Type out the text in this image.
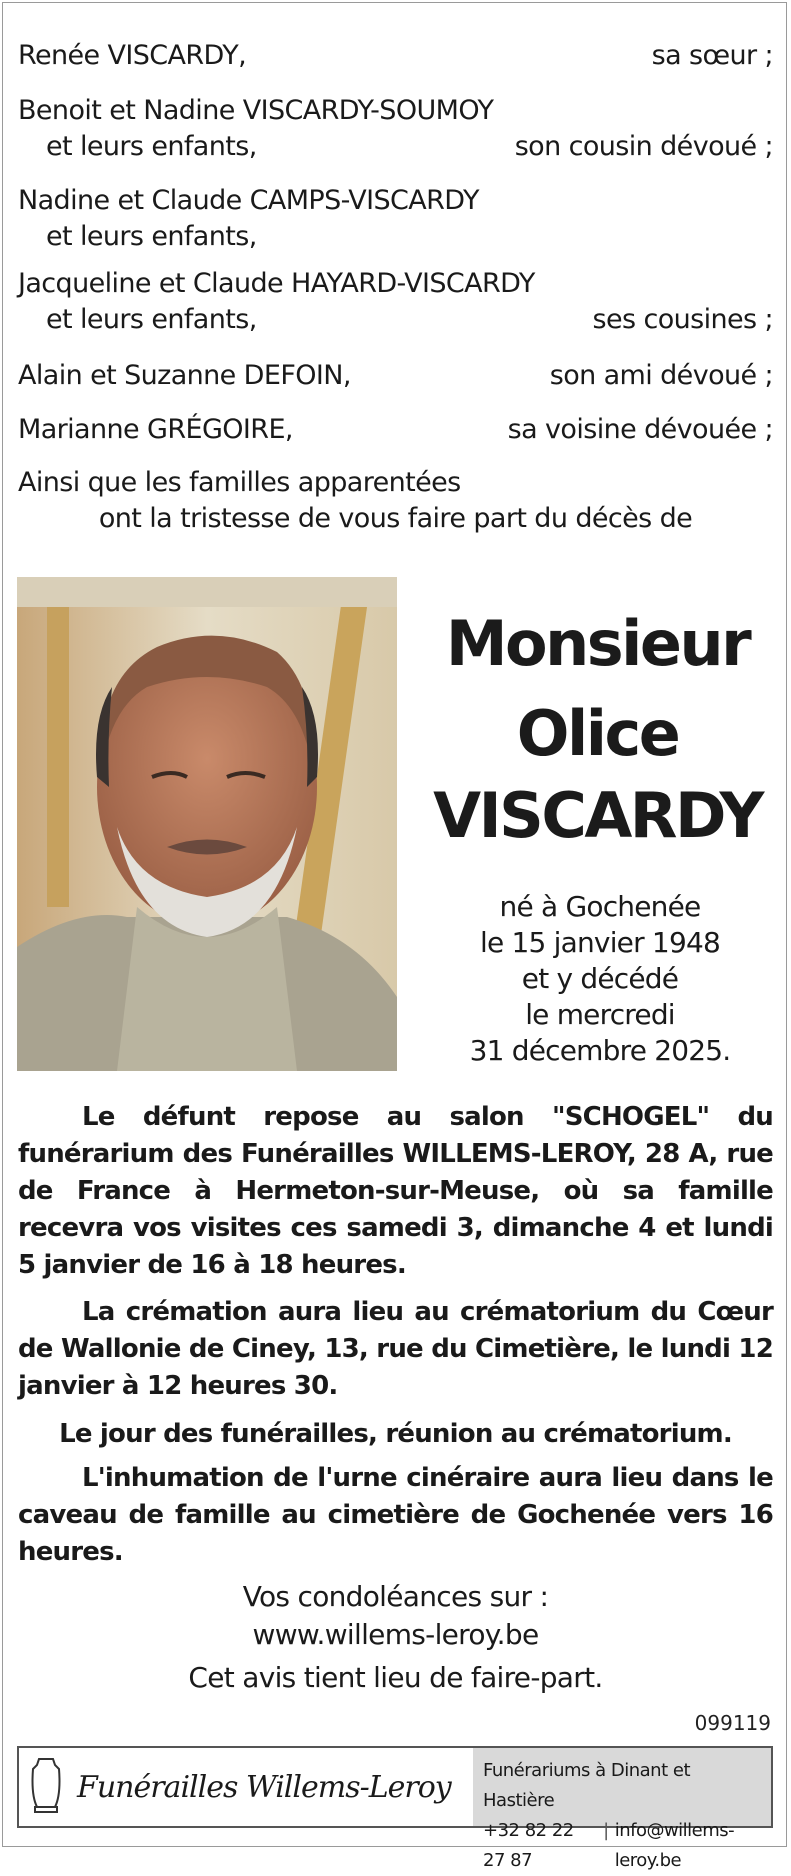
Renée VISCARDY,	sa sœur ;
Benoit et Nadine VISCARDY-SOUMOY
et leurs enfants,	son cousin dévoué ;
Nadine et Claude CAMPS-VISCARDY
et leurs enfants,
Jacqueline et Claude HAYARD-VISCARDY
et leurs enfants,	ses cousines ;
Alain et Suzanne DEFOIN,	son ami dévoué ;
Marianne GRÉGOIRE,	sa voisine dévouée ;
Ainsi que les familles apparentées
ont la tristesse de vous faire part du décès de
Monsieur
Olice
VISCARDY
né à Gochenée
le 15 janvier 1948
et y décédé
le mercredi
31 décembre 2025.

Le défunt repose au salon "SCHOGEL" du funérarium des Funérailles WILLEMS-LEROY, 28 A, rue de France à Hermeton-sur-Meuse, où sa famille recevra vos visites ces samedi 3, dimanche 4 et lundi 5 janvier de 16 à 18 heures.

La crémation aura lieu au crématorium du Cœur de Wallonie de Ciney, 13, rue du Cimetière, le lundi 12 janvier à 12 heures 30.

Le jour des funérailles, réunion au crématorium.

L'inhumation de l'urne cinéraire aura lieu dans le caveau de famille au cimetière de Gochenée vers 16 heures.

Vos condoléances sur :
www.willems-leroy.be
Cet avis tient lieu de faire-part.
099119
Funérailles Willems-Leroy Funérariums à Dinant et Hastière
+32 82 22 27 87
| info@willems-leroy.be
